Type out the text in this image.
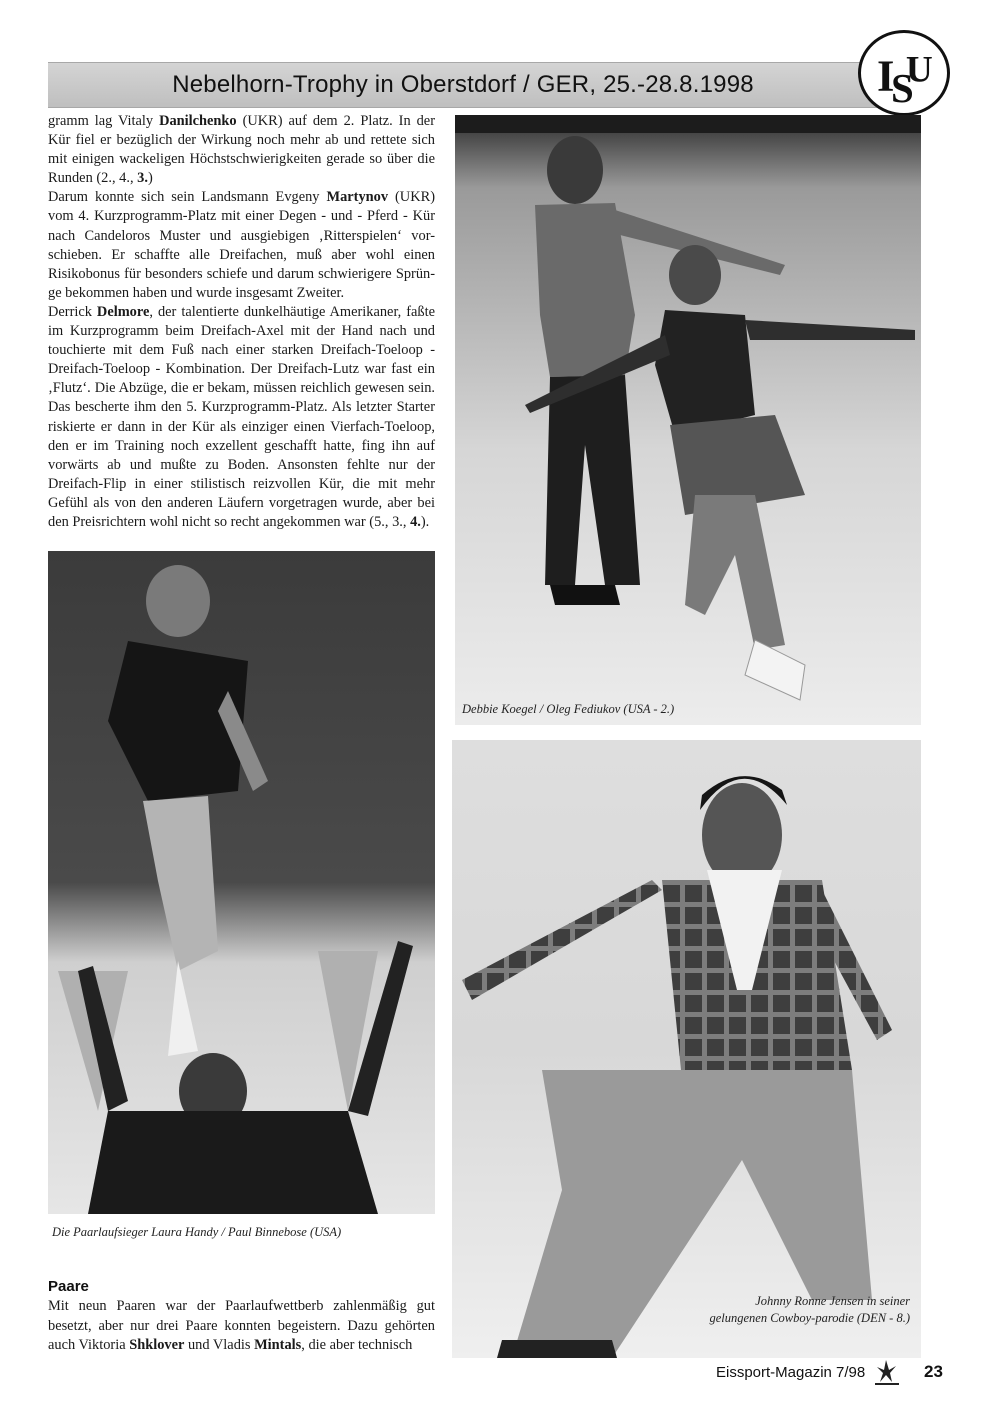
Nebelhorn-Trophy in Oberstdorf / GER, 25.-28.8.1998	I
S
U

gramm lag Vitaly Danilchenko (UKR) auf dem 2. Platz. In der Kür fiel er bezüglich der Wirkung noch mehr ab und rettete sich mit einigen wackeligen Höchstschwierigkeiten gerade so über die Runden (2., 4., 3.)

Darum konnte sich sein Landsmann Evgeny Martynov (UKR) vom 4. Kurzprogramm-Platz mit einer Degen - und - Pferd - Kür nach Candeloros Muster und ausgiebigen ‚Ritterspielen‘ vor-schieben. Er schaffte alle Dreifachen, muß aber wohl einen Risikobonus für besonders schiefe und darum schwierigere Sprün-ge bekommen haben und wurde insgesamt Zweiter.

Derrick Delmore, der talentierte dunkelhäutige Amerikaner, faßte im Kurzprogramm beim Dreifach-Axel mit der Hand nach und touchierte mit dem Fuß nach einer starken Dreifach-Toeloop - Dreifach-Toeloop - Kombination. Der Dreifach-Lutz war fast ein ‚Flutz‘. Die Abzüge, die er bekam, müssen reichlich gewesen sein. Das bescherte ihm den 5. Kurzprogramm-Platz. Als letzter Starter riskierte er dann in der Kür als einziger einen Vierfach-Toeloop, den er im Training noch exzellent geschafft hatte, fing ihn auf vorwärts ab und mußte zu Boden. Ansonsten fehlte nur der Dreifach-Flip in einer stilistisch reizvollen Kür, die mit mehr Gefühl als von den anderen Läufern vorgetragen wurde, aber bei den Preisrichtern wohl nicht so recht angekommen war (5., 3., 4.).

Debbie Koegel / Oleg Fediukov (USA - 2.)
Die Paarlaufsieger Laura Handy / Paul Binnebose (USA)
Johnny Ronne Jensen in seiner gelungenen Cowboy-parodie (DEN - 8.)
Paare
Mit neun Paaren war der Paarlaufwettberb zahlenmäßig gut besetzt, aber nur drei Paare konnten begeistern. Dazu gehörten auch Viktoria Shklover und Vladis Mintals, die aber technisch
Eissport-Magazin 7/98	23
